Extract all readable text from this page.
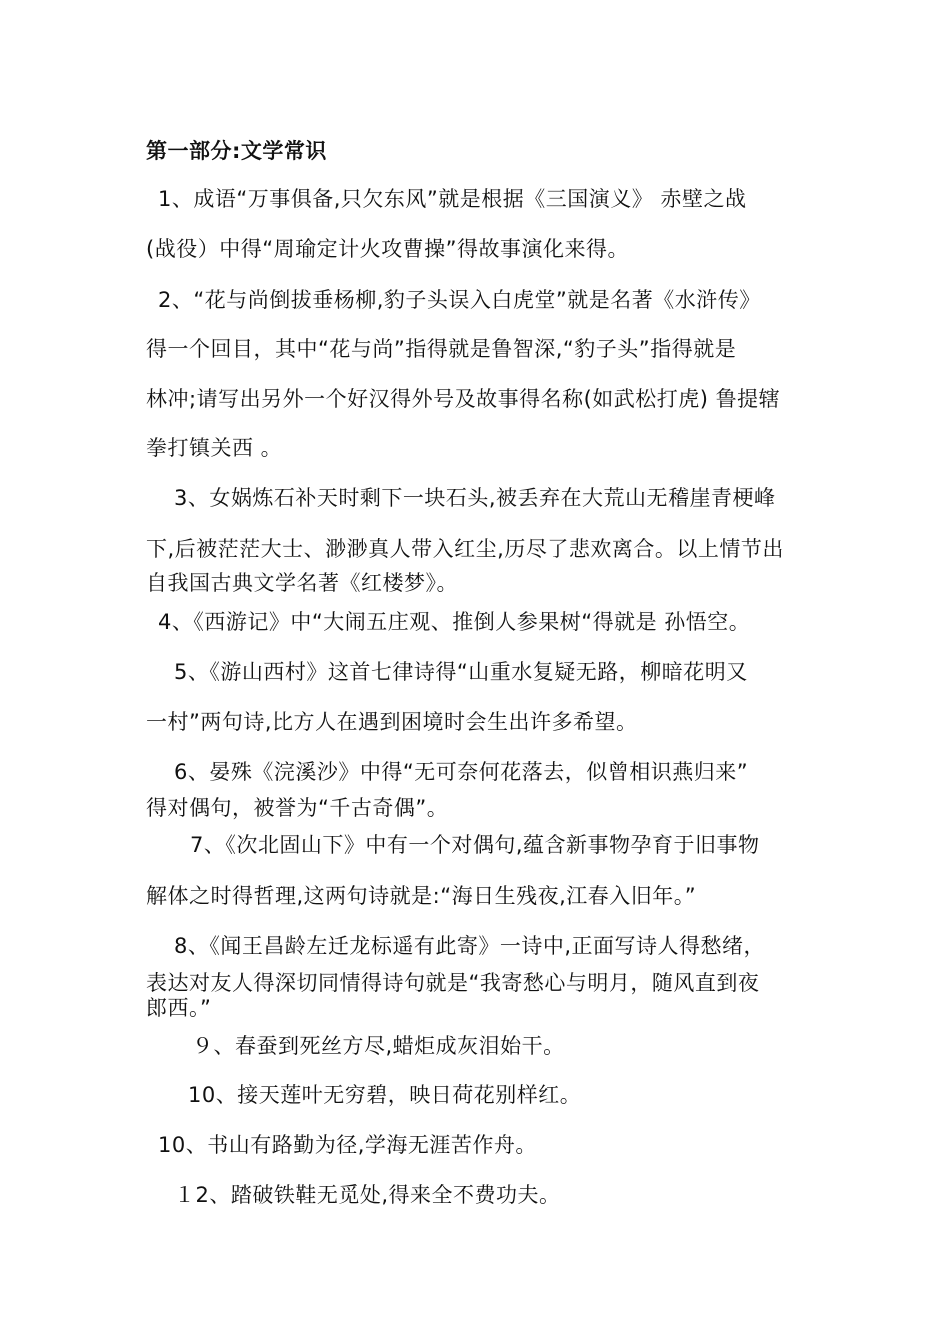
第一部分:文学常识
1、成语“万事俱备,只欠东风”就是根据《三国演义》 赤壁之战
(战役）中得“周瑜定计火攻曹操”得故事演化来得。
2、“花与尚倒拔垂杨柳,豹子头误入白虎堂”就是名著《水浒传》
得一个回目，其中“花与尚”指得就是鲁智深,“豹子头”指得就是
林冲;请写出另外一个好汉得外号及故事得名称(如武松打虎) 鲁提辖
拳打镇关西 。
3、女娲炼石补天时剩下一块石头,被丢弃在大荒山无稽崖青梗峰
下,后被茫茫大士、渺渺真人带入红尘,历尽了悲欢离合。以上情节出
自我国古典文学名著《红楼梦》。
4、《西游记》中“大闹五庄观、推倒人参果树“得就是 孙悟空。
5、《游山西村》这首七律诗得“山重水复疑无路，柳暗花明又
一村”两句诗,比方人在遇到困境时会生出许多希望。
6、晏殊《浣溪沙》中得“无可奈何花落去，似曾相识燕归来”
得对偶句，被誉为“千古奇偶”。
7、《次北固山下》中有一个对偶句,蕴含新事物孕育于旧事物
解体之时得哲理,这两句诗就是:“海日生残夜,江春入旧年。”
8、《闻王昌龄左迁龙标遥有此寄》一诗中,正面写诗人得愁绪，
表达对友人得深切同情得诗句就是“我寄愁心与明月，随风直到夜
郎西。”
９、春蚕到死丝方尽,蜡炬成灰泪始干。
10、接天莲叶无穷碧，映日荷花别样红。
10、书山有路勤为径,学海无涯苦作舟。
１2、踏破铁鞋无觅处,得来全不费功夫。
